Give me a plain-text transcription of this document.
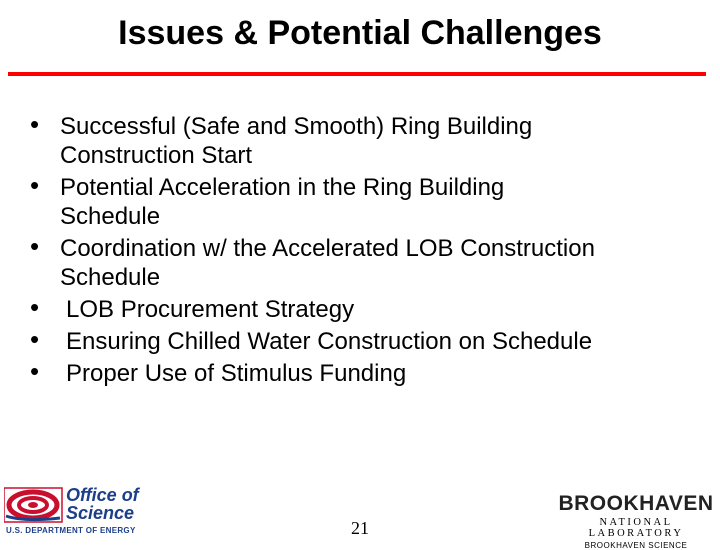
Issues & Potential Challenges
• Successful (Safe and Smooth) Ring Building
Construction Start
• Potential Acceleration in the Ring Building
Schedule
• Coordination w/ the Accelerated LOB Construction
Schedule
• LOB Procurement Strategy
• Ensuring Chilled Water Construction on Schedule
• Proper Use of Stimulus Funding
Office of
Science
U.S. DEPARTMENT OF ENERGY	21
BROOKHAVEN
NATIONAL LABORATORY
BROOKHAVEN SCIENCE
